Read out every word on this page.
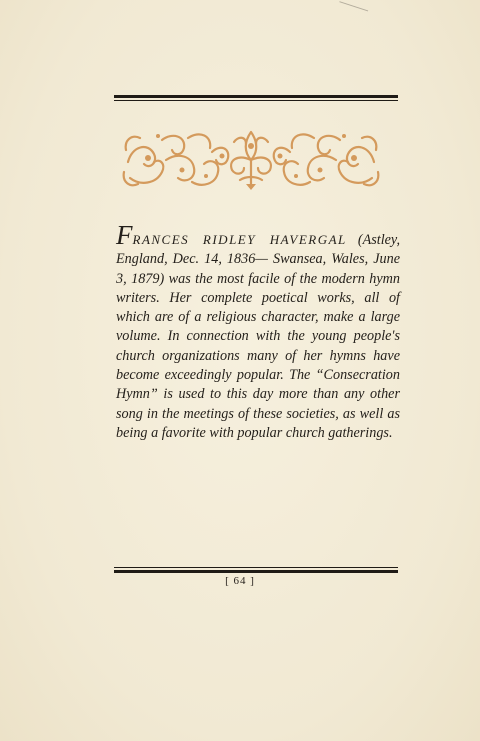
Frances ridley havergal (Astley, England, Dec. 14, 1836— Swansea, Wales, June 3, 1879) was the most facile of the modern hymn writers. Her complete poetical works, all of which are of a religious character, make a large volume. In connection with the young people's church organizations many of her hymns have become exceedingly popular. The “Consecration Hymn” is used to this day more than any other song in the meetings of these societies, as well as being a favorite with popular church gatherings.
[ 64 ]
